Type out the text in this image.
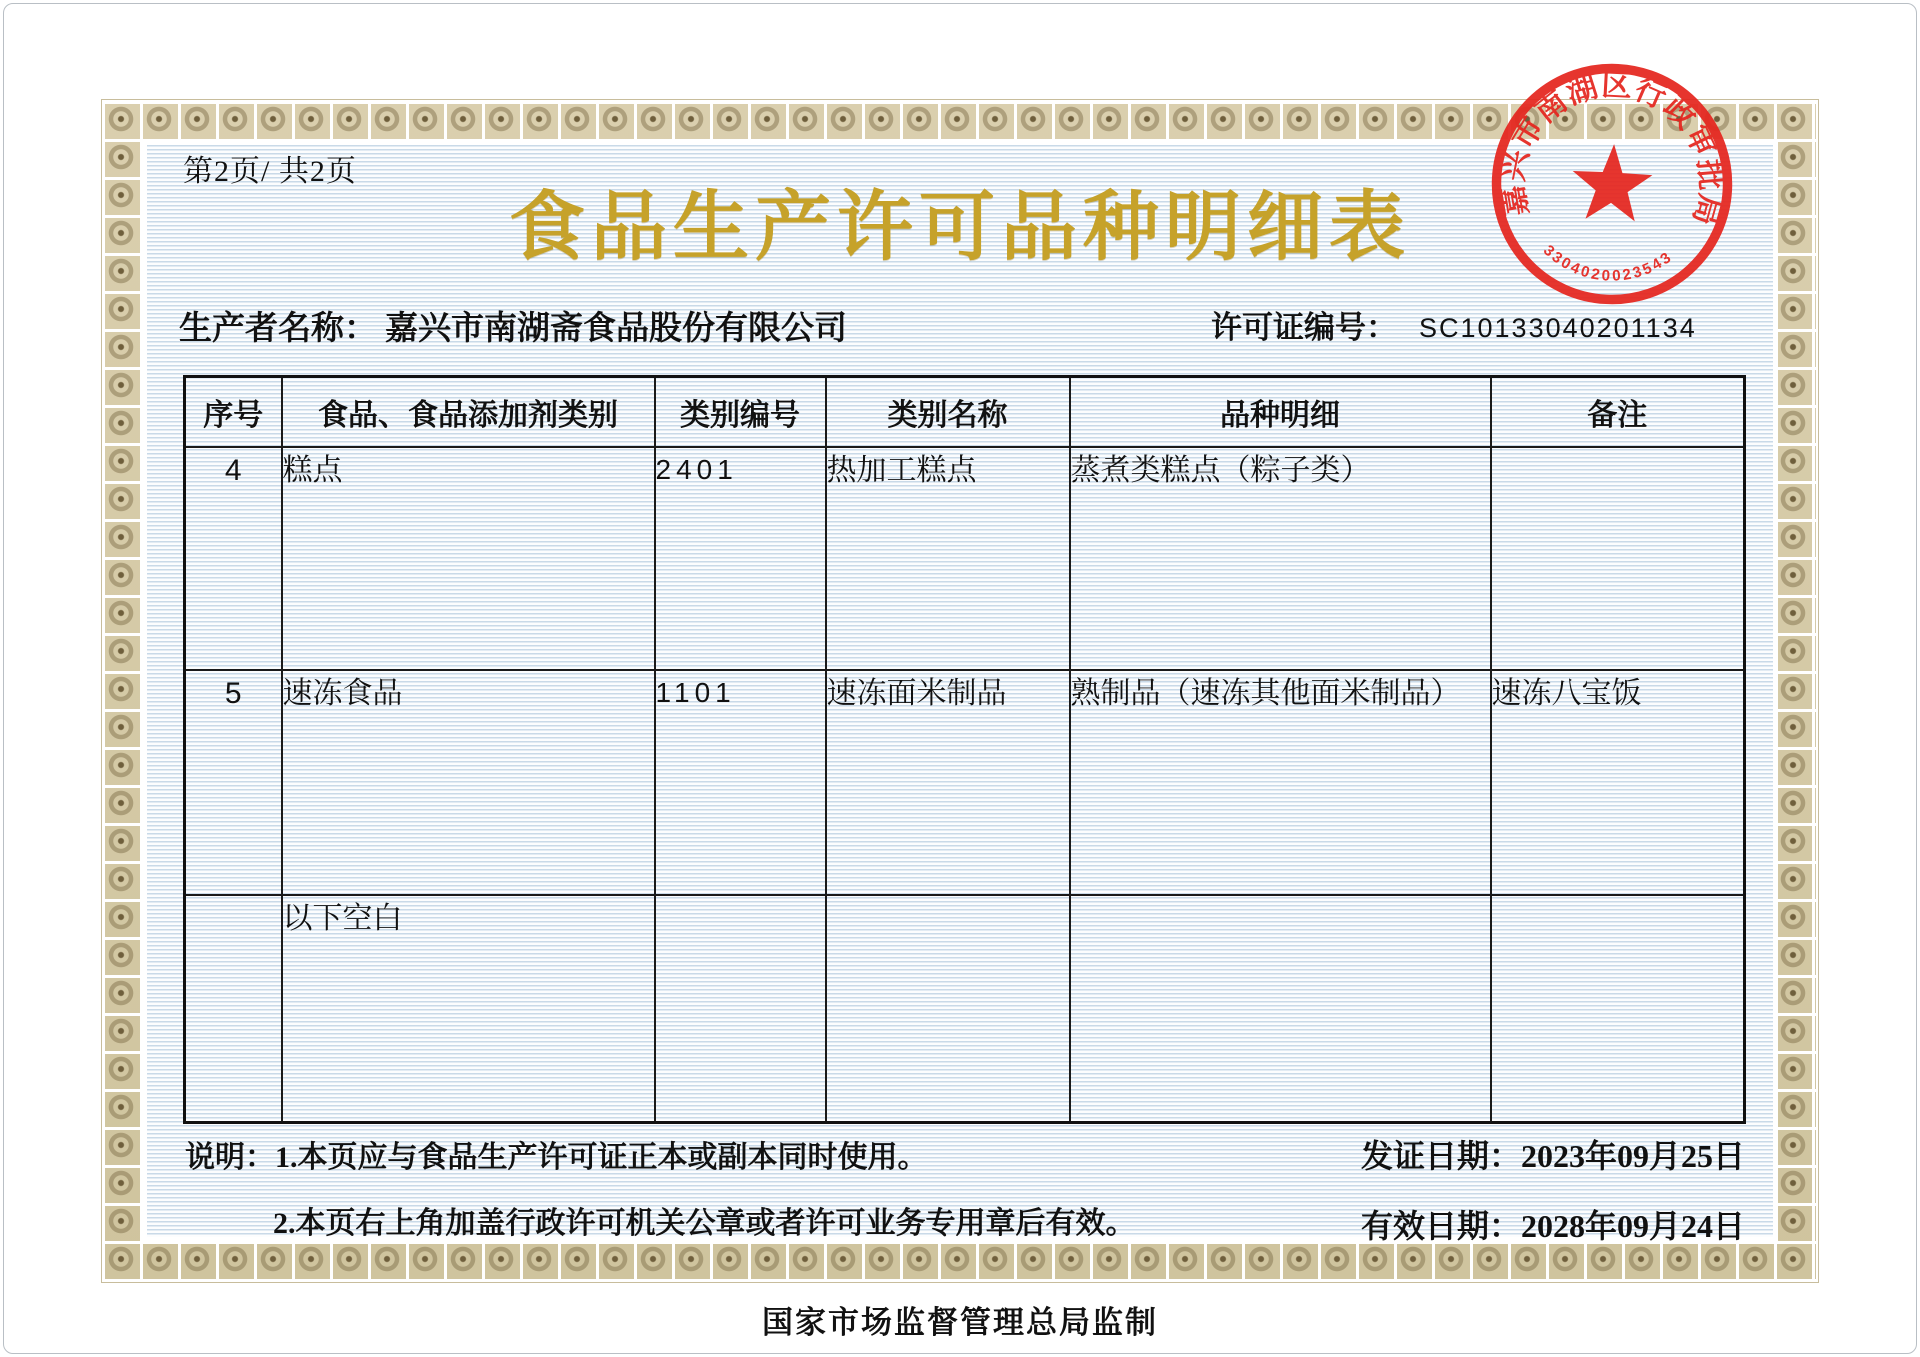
第2页/ 共2页
食品生产许可品种明细表
生产者名称： 嘉兴市南湖斋食品股份有限公司	许可证编号： SC10133040201134
序号	食品、食品添加剂类别	类别编号	类别名称	品种明细	备注
4	糕点	2401	热加工糕点	蒸煮类糕点（粽子类）	
5	速冻食品	1101	速冻面米制品	熟制品（速冻其他面米制品）	速冻八宝饭
	以下空白				
说明：1.本页应与食品生产许可证正本或副本同时使用。
2.本页右上角加盖行政许可机关公章或者许可业务专用章后有效。
发证日期：2023年09月25日
有效日期：2028年09月24日
国家市场监督管理总局监制
嘉兴市南湖区行政审批局
3304020023543
